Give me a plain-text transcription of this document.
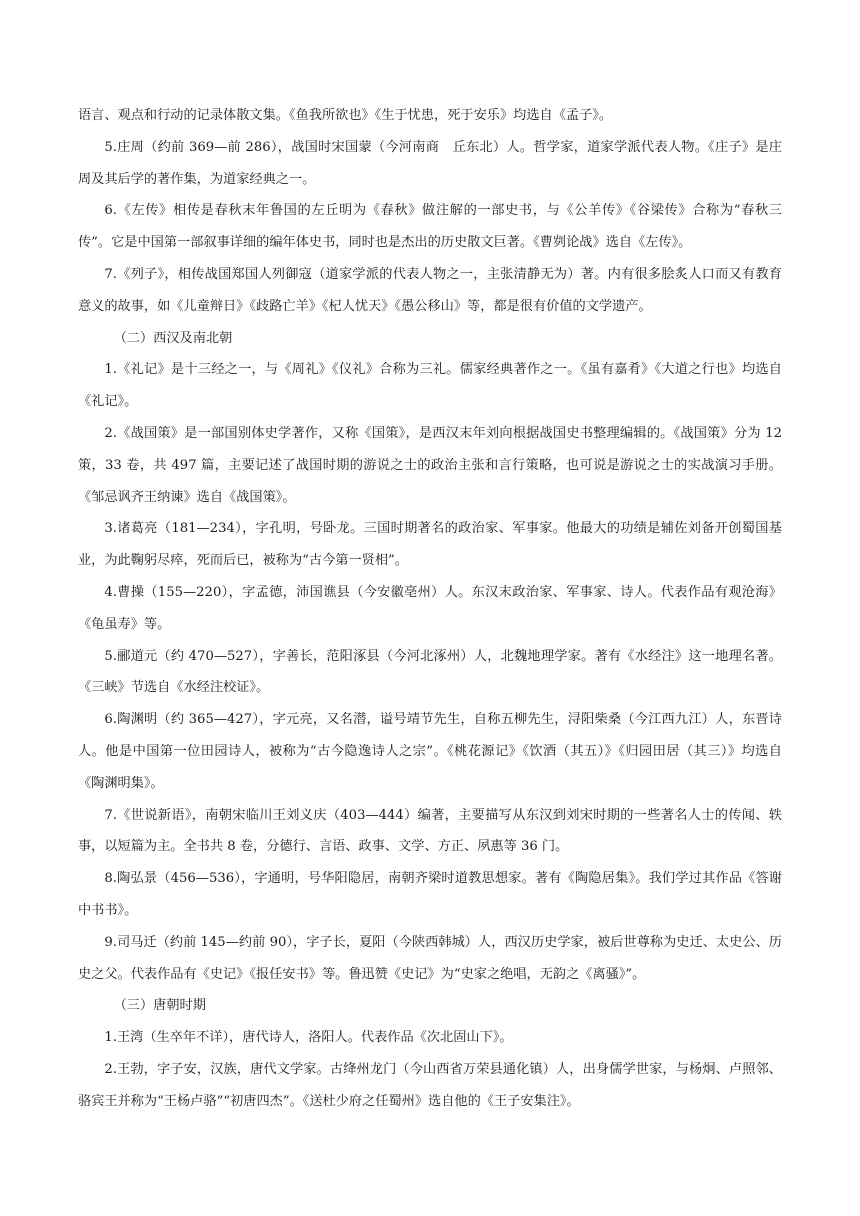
语言、观点和行动的记录体散文集。《鱼我所欲也》《生于忧患，死于安乐》均选自《孟子》。

5.庄周（约前 369—前 286），战国时宋国蒙（今河南商　丘东北）人。哲学家，道家学派代表人物。《庄子》是庄周及其后学的著作集，为道家经典之一。

6.《左传》相传是春秋末年鲁国的左丘明为《春秋》做注解的一部史书，与《公羊传》《谷梁传》合称为“春秋三传”。它是中国第一部叙事详细的编年体史书，同时也是杰出的历史散文巨著。《曹刿论战》选自《左传》。

7.《列子》，相传战国郑国人列御寇（道家学派的代表人物之一，主张清静无为）著。内有很多脍炙人口而又有教育意义的故事，如《儿童辩日》《歧路亡羊》《杞人忧天》《愚公移山》等，都是很有价值的文学遗产。

（二）西汉及南北朝

1.《礼记》是十三经之一，与《周礼》《仪礼》合称为三礼。儒家经典著作之一。《虽有嘉肴》《大道之行也》均选自《礼记》。

2.《战国策》是一部国别体史学著作，又称《国策》，是西汉末年刘向根据战国史书整理编辑的。《战国策》分为 12 策，33 卷，共 497 篇，主要记述了战国时期的游说之士的政治主张和言行策略，也可说是游说之士的实战演习手册。《邹忌讽齐王纳谏》选自《战国策》。

3.诸葛亮（181—234），字孔明，号卧龙。三国时期著名的政治家、军事家。他最大的功绩是辅佐刘备开创蜀国基业，为此鞠躬尽瘁，死而后已，被称为“古今第一贤相”。

4.曹操（155—220），字孟德，沛国谯县（今安徽亳州）人。东汉末政治家、军事家、诗人。代表作品有观沧海》《龟虽寿》等。

5.郦道元（约 470—527），字善长，范阳涿县（今河北涿州）人，北魏地理学家。著有《水经注》这一地理名著。《三峡》节选自《水经注校证》。

6.陶渊明（约 365—427），字元亮，又名潜，谥号靖节先生，自称五柳先生，浔阳柴桑（今江西九江）人，东晋诗人。他是中国第一位田园诗人，被称为“古今隐逸诗人之宗”。《桃花源记》《饮酒（其五）》《归园田居（其三）》均选自《陶渊明集》。

7.《世说新语》，南朝宋临川王刘义庆（403—444）编著，主要描写从东汉到刘宋时期的一些著名人士的传闻、轶事，以短篇为主。全书共 8 卷，分德行、言语、政事、文学、方正、夙惠等 36 门。

8.陶弘景（456—536），字通明，号华阳隐居，南朝齐梁时道教思想家。著有《陶隐居集》。我们学过其作品《答谢中书书》。

9.司马迁（约前 145—约前 90），字子长，夏阳（今陕西韩城）人，西汉历史学家，被后世尊称为史迁、太史公、历史之父。代表作品有《史记》《报任安书》等。鲁迅赞《史记》为“史家之绝唱，无韵之《离骚》”。

（三）唐朝时期

1.王湾（生卒年不详），唐代诗人，洛阳人。代表作品《次北固山下》。

2.王勃，字子安，汉族，唐代文学家。古绛州龙门（今山西省万荣县通化镇）人，出身儒学世家，与杨炯、卢照邻、骆宾王并称为“王杨卢骆”“初唐四杰”。《送杜少府之任蜀州》选自他的《王子安集注》。
